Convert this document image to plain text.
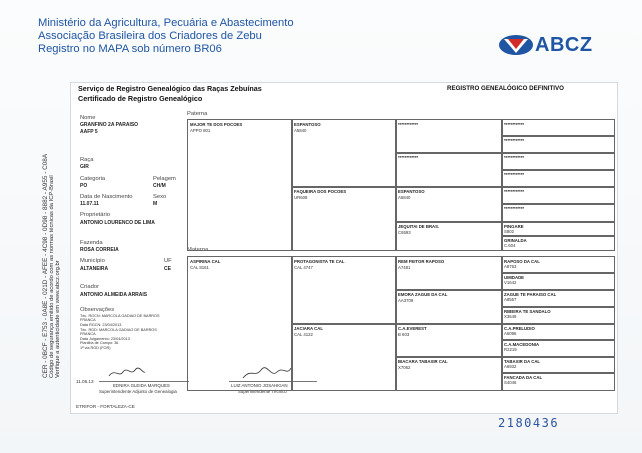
Ministério da Agricultura, Pecuária e Abastecimento
Associação Brasileira dos Criadores de Zebu
Registro no MAPA sob número BR06	ABCZ
CER - 0BCF - E753 - 0A8E - 021D - AFEE - 4C98 - 0D98 - 8882 - A955 - C08A Código de segurança emitido de acordo com as normas técnicas da ICP-Brasil Verifique a autenticidade em www.abcz.org.br
Serviço de Registro Genealógico das Raças Zebuínas
Certificado de Registro Genealógico
REGISTRO GENEALÓGICO DEFINITIVO
Nome
GRANFINO 2A PARAISO
AAFP 5
Raça
GIR
Categoria	Pelagem
PO	CH/M
Data de Nascimento	Sexo
11.07.11	M
Proprietário
ANTONIO LOURENCO DE LIMA
Fazenda
ROSA CORREIA
Município	UF
ALTANEIRA	CE
Criador
ANTONIO ALMEIDA ARRAIS
Observações
Téc. RGCN: MARCOLA GADIAO DE BARROS
FRANCA
Data RGCN: 23/04/2013
Téc. RGD: MARCOLA GADIAO DE BARROS
FRANCA
Data Julgamento: 23/04/2013
Planilha de Campo: 36
1ª via RGD (FOR)
11.06.13
EDNIRA GLEIDA MARQUES
Superintendente Adjunto de Genealogia
LUIZ ANTONIO JOSAHKIAN
Superintendente Técnico
ETRIFOR - FORTALEZA-CE
Paterna
Materna
MAJOR TE DOS POCOES
APPO 801
ESPANTOSO
A5840
FAQUEIRA DOS POCOES
UR608
************
************
************
************
************
************
ESPANTOSO
A5840
************
************
JEQUITAI DE BRAS.
C6593
PINGARE
S802
GRINALDA
C.604
ASPIRINA CAL
CAL 8161
PROTAGONISTA TE CAL
CAL 4747
REM FEITOR RAPOSO
A7481
RAPOSO DA CAL
A8763
UMIDADE
V1642
EMORA ZAGUE DA CAL
AA3709
ZAGUE TE PARAISO CAL
A8557
RIBEIRA TE SANDALO
X3649
JACIARA CAL
CAL 4122
C.A.EVEREST
B 603
C.A.PRELUDIO
A6096
C.A.MACEDONIA
R2219
BIACARA TABAXIR CAL
X7062
TABAXIR DA CAL
A6932
FANCADA DA CAL
S4046
2180436
